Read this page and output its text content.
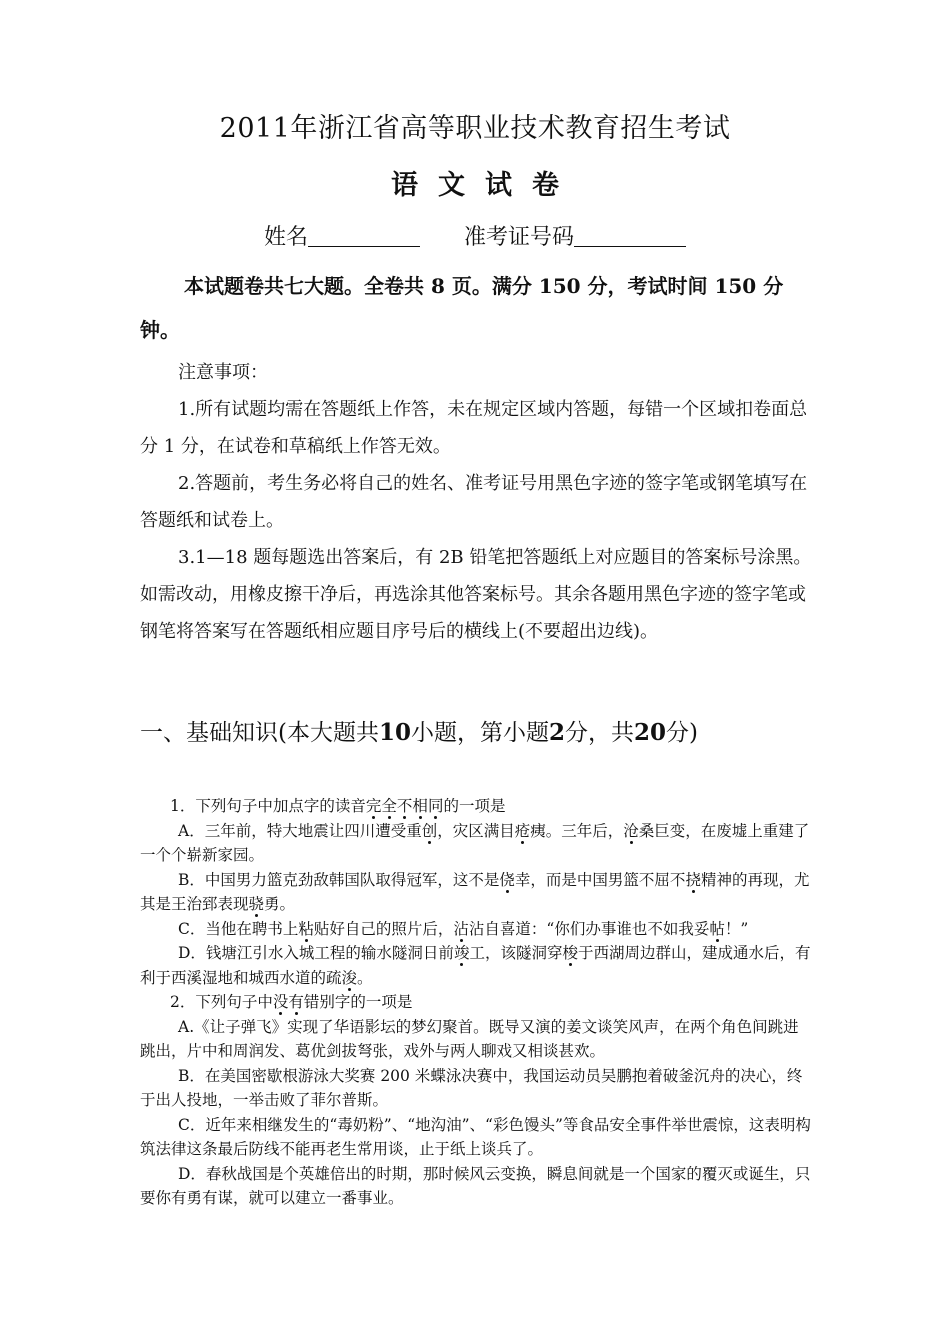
2011年浙江省高等职业技术教育招生考试
语文试卷
姓名	准考证号码
本试题卷共七大题。全卷共 8 页。满分 150 分，考试时间 150 分钟。

注意事项：

1.所有试题均需在答题纸上作答，未在规定区域内答题，每错一个区域扣卷面总分 1 分，在试卷和草稿纸上作答无效。

2.答题前，考生务必将自己的姓名、准考证号用黑色字迹的签字笔或钢笔填写在答题纸和试卷上。

3.1—18 题每题选出答案后，有 2B 铅笔把答题纸上对应题目的答案标号涂黑。如需改动，用橡皮擦干净后，再选涂其他答案标号。其余各题用黑色字迹的签字笔或钢笔将答案写在答题纸相应题目序号后的横线上(不要超出边线)。

一、基础知识(本大题共10小题，第小题2分，共20分)

1．下列句子中加点字的读音完全不相同的一项是

A．三年前，特大地震让四川遭受重创，灾区满目疮痍。三年后，沧桑巨变，在废墟上重建了一个个崭新家园。

B．中国男力篮克劲敌韩国队取得冠军，这不是侥幸，而是中国男篮不屈不挠精神的再现，尤其是王治郅表现骁勇。

C．当他在聘书上粘贴好自己的照片后，沾沾自喜道：“你们办事谁也不如我妥帖！”

D．钱塘江引水入城工程的输水隧洞日前竣工，该隧洞穿梭于西湖周边群山，建成通水后，有利于西溪湿地和城西水道的疏浚。

2．下列句子中没有错别字的一项是

A.《让子弹飞》实现了华语影坛的梦幻聚首。既导又演的姜文谈笑风声，在两个角色间跳进跳出，片中和周润发、葛优剑拔弩张，戏外与两人聊戏又相谈甚欢。

B．在美国密歇根游泳大奖赛 200 米蝶泳决赛中，我国运动员吴鹏抱着破釜沉舟的决心，终于出人投地，一举击败了菲尔普斯。

C．近年来相继发生的“毒奶粉”、“地沟油”、“彩色馒头”等食品安全事件举世震惊，这表明构筑法律这条最后防线不能再老生常用谈，止于纸上谈兵了。

D．春秋战国是个英雄倍出的时期，那时候风云变换，瞬息间就是一个国家的覆灭或诞生，只要你有勇有谋，就可以建立一番事业。
